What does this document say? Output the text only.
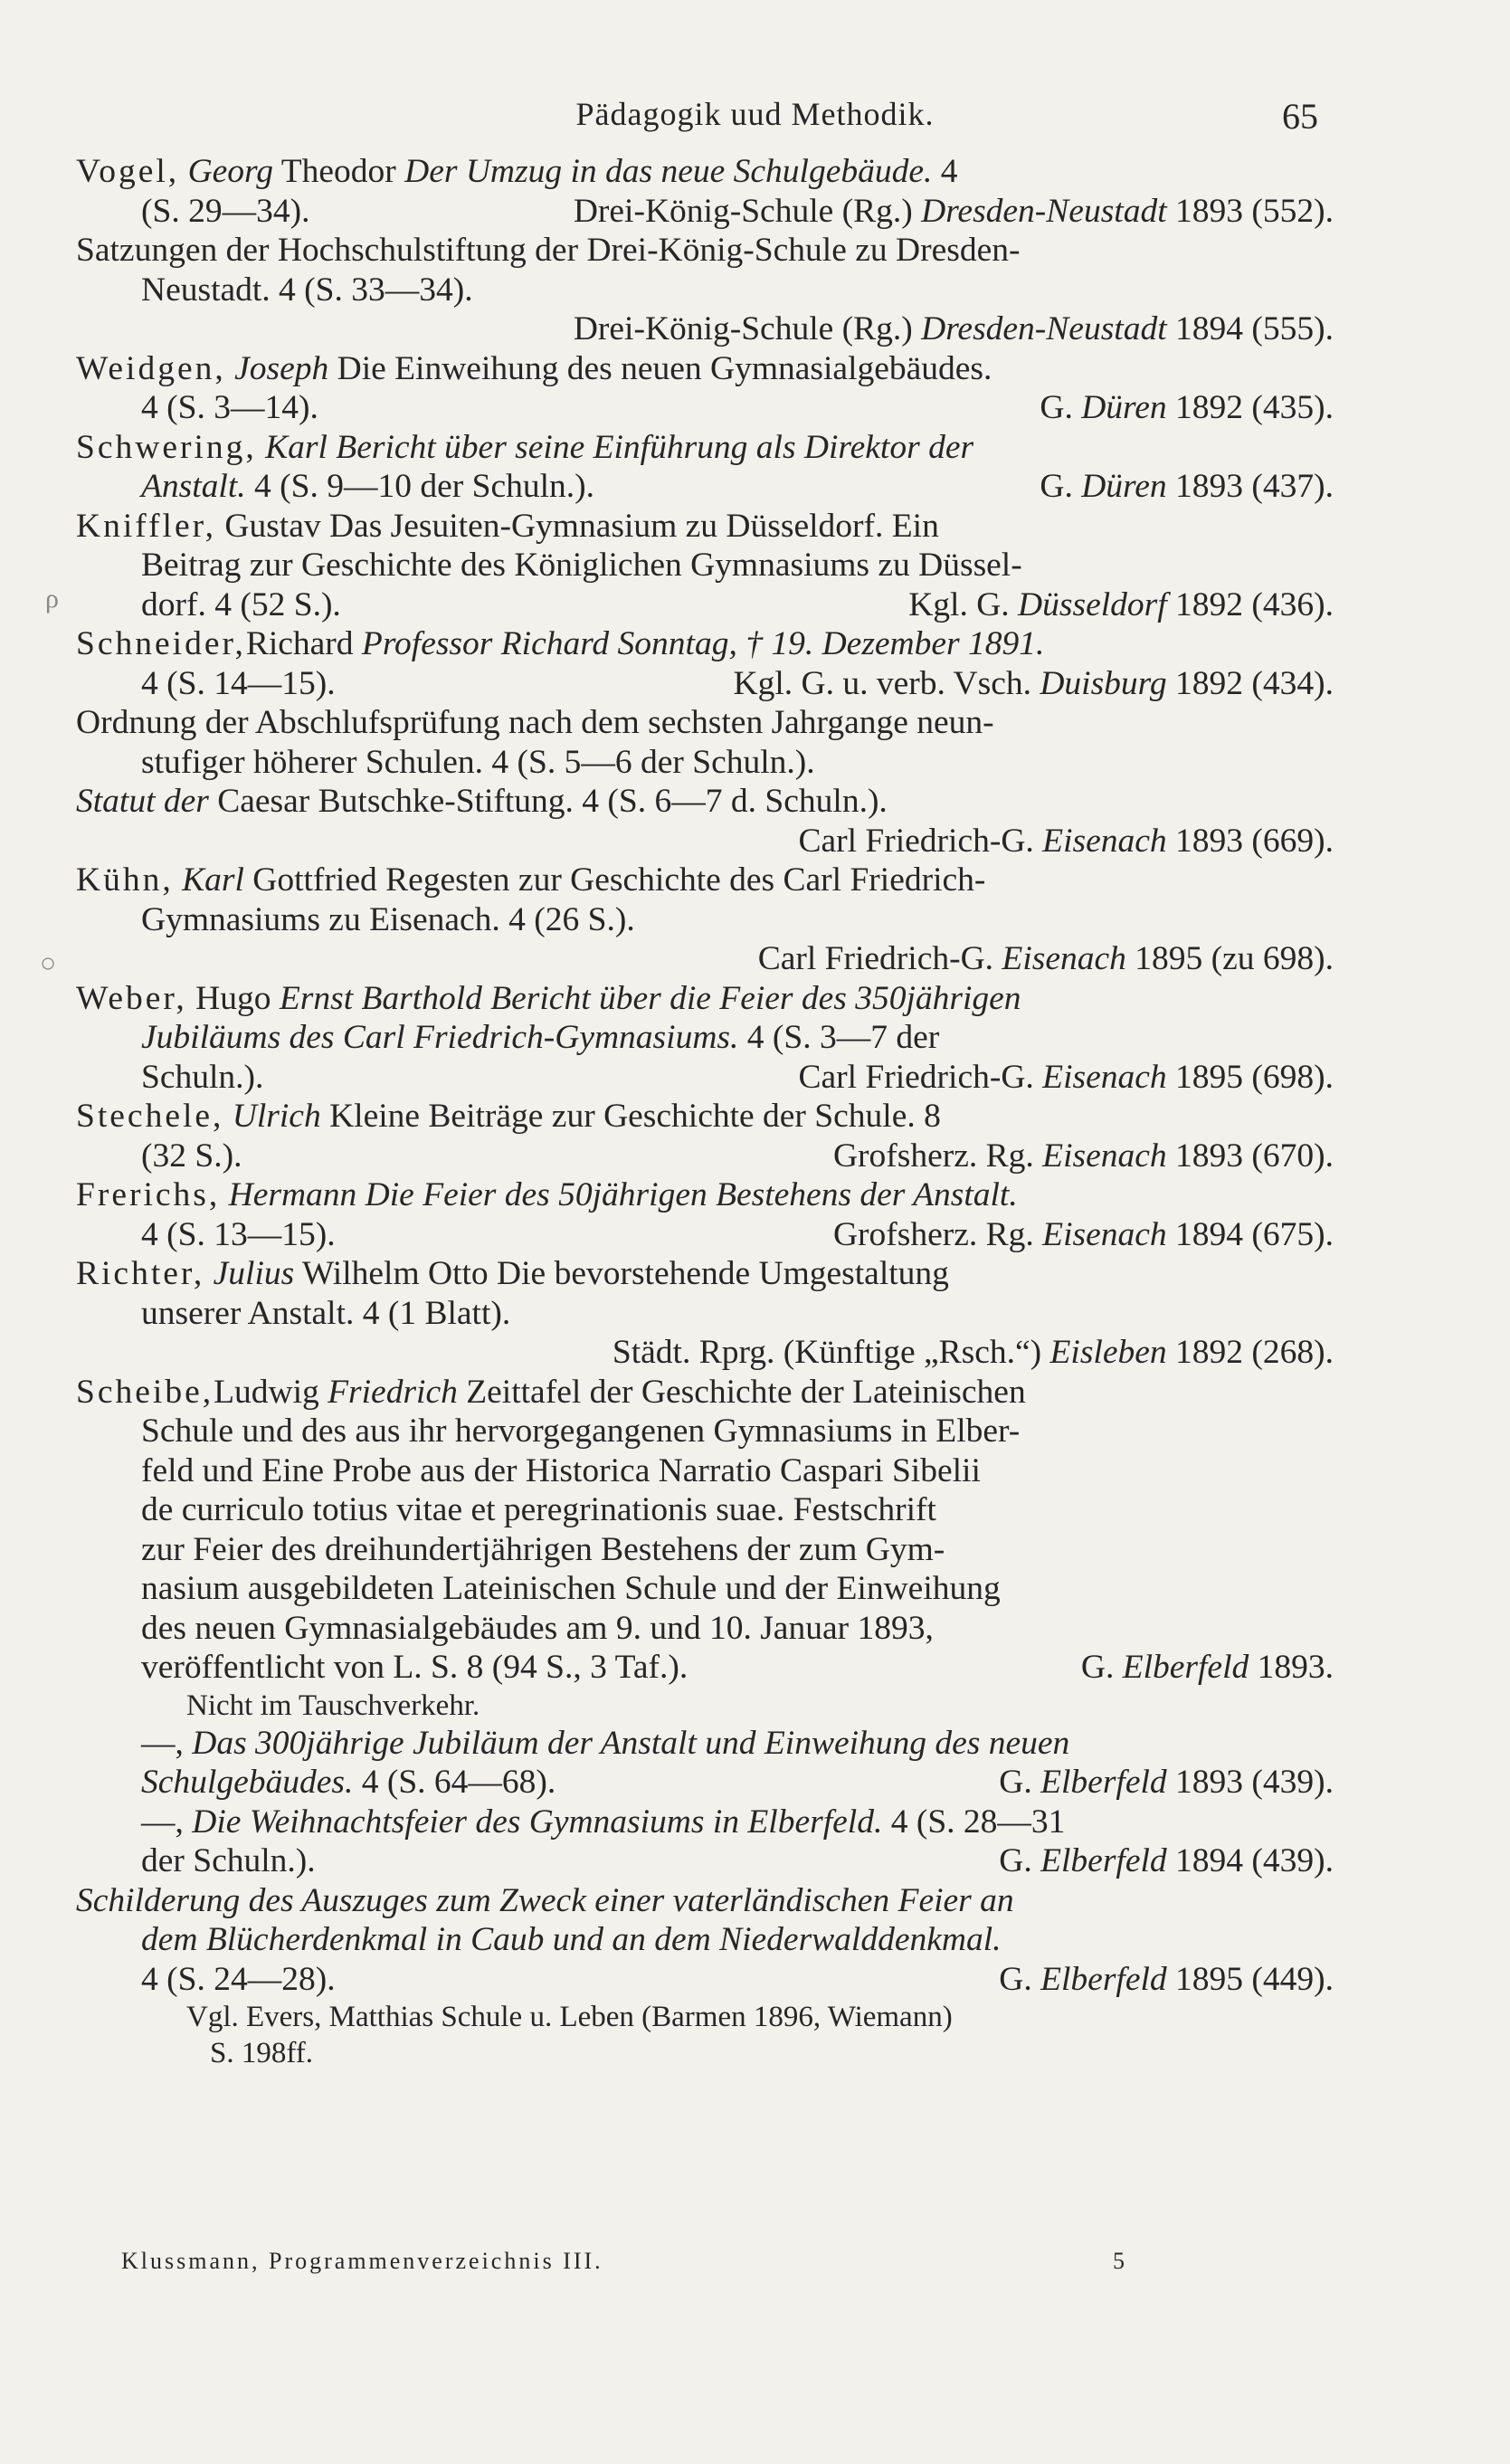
Pädagogik uud Methodik.	65
ρ
○
Vogel, Georg Theodor Der Umzug in das neue Schulgebäude. 4
(S. 29—34).	Drei-König-Schule (Rg.) Dresden-Neustadt 1893 (552).
Satzungen der Hochschulstiftung der Drei-König-Schule zu Dresden-
Neustadt. 4 (S. 33—34).
Drei-König-Schule (Rg.) Dresden-Neustadt 1894 (555).
Weidgen, Joseph Die Einweihung des neuen Gymnasialgebäudes.
4 (S. 3—14).	G. Düren 1892 (435).
Schwering, Karl Bericht über seine Einführung als Direktor der
Anstalt. 4 (S. 9—10 der Schuln.).	G. Düren 1893 (437).
Kniffler, Gustav Das Jesuiten-Gymnasium zu Düsseldorf. Ein
Beitrag zur Geschichte des Königlichen Gymnasiums zu Düssel-
dorf. 4 (52 S.).	Kgl. G. Düsseldorf 1892 (436).
Schneider,Richard Professor Richard Sonntag, † 19. Dezember 1891.
4 (S. 14—15).	Kgl. G. u. verb. Vsch. Duisburg 1892 (434).
Ordnung der Abschlufsprüfung nach dem sechsten Jahrgange neun-
stufiger höherer Schulen. 4 (S. 5—6 der Schuln.).
Statut der Caesar Butschke-Stiftung. 4 (S. 6—7 d. Schuln.).
Carl Friedrich-G. Eisenach 1893 (669).
Kühn, Karl Gottfried Regesten zur Geschichte des Carl Friedrich-
Gymnasiums zu Eisenach. 4 (26 S.).
Carl Friedrich-G. Eisenach 1895 (zu 698).
Weber, Hugo Ernst Barthold Bericht über die Feier des 350jährigen
Jubiläums des Carl Friedrich-Gymnasiums. 4 (S. 3—7 der
Schuln.).	Carl Friedrich-G. Eisenach 1895 (698).
Stechele, Ulrich Kleine Beiträge zur Geschichte der Schule. 8
(32 S.).	Grofsherz. Rg. Eisenach 1893 (670).
Frerichs, Hermann Die Feier des 50jährigen Bestehens der Anstalt.
4 (S. 13—15).	Grofsherz. Rg. Eisenach 1894 (675).
Richter, Julius Wilhelm Otto Die bevorstehende Umgestaltung
unserer Anstalt. 4 (1 Blatt).
Städt. Rprg. (Künftige „Rsch.“) Eisleben 1892 (268).
Scheibe,Ludwig Friedrich Zeittafel der Geschichte der Lateinischen
Schule und des aus ihr hervorgegangenen Gymnasiums in Elber-
feld und Eine Probe aus der Historica Narratio Caspari Sibelii
de curriculo totius vitae et peregrinationis suae. Festschrift
zur Feier des dreihundertjährigen Bestehens der zum Gym-
nasium ausgebildeten Lateinischen Schule und der Einweihung
des neuen Gymnasialgebäudes am 9. und 10. Januar 1893,
veröffentlicht von L. S. 8 (94 S., 3 Taf.).	G. Elberfeld 1893.
Nicht im Tauschverkehr.
—, Das 300jährige Jubiläum der Anstalt und Einweihung des neuen
Schulgebäudes. 4 (S. 64—68).	G. Elberfeld 1893 (439).
—, Die Weihnachtsfeier des Gymnasiums in Elberfeld. 4 (S. 28—31
der Schuln.).	G. Elberfeld 1894 (439).
Schilderung des Auszuges zum Zweck einer vaterländischen Feier an
dem Blücherdenkmal in Caub und an dem Niederwalddenkmal.
4 (S. 24—28).	G. Elberfeld 1895 (449).
Vgl. Evers, Matthias Schule u. Leben (Barmen 1896, Wiemann)
S. 198ff.
Klussmann, Programmenverzeichnis III.	5
